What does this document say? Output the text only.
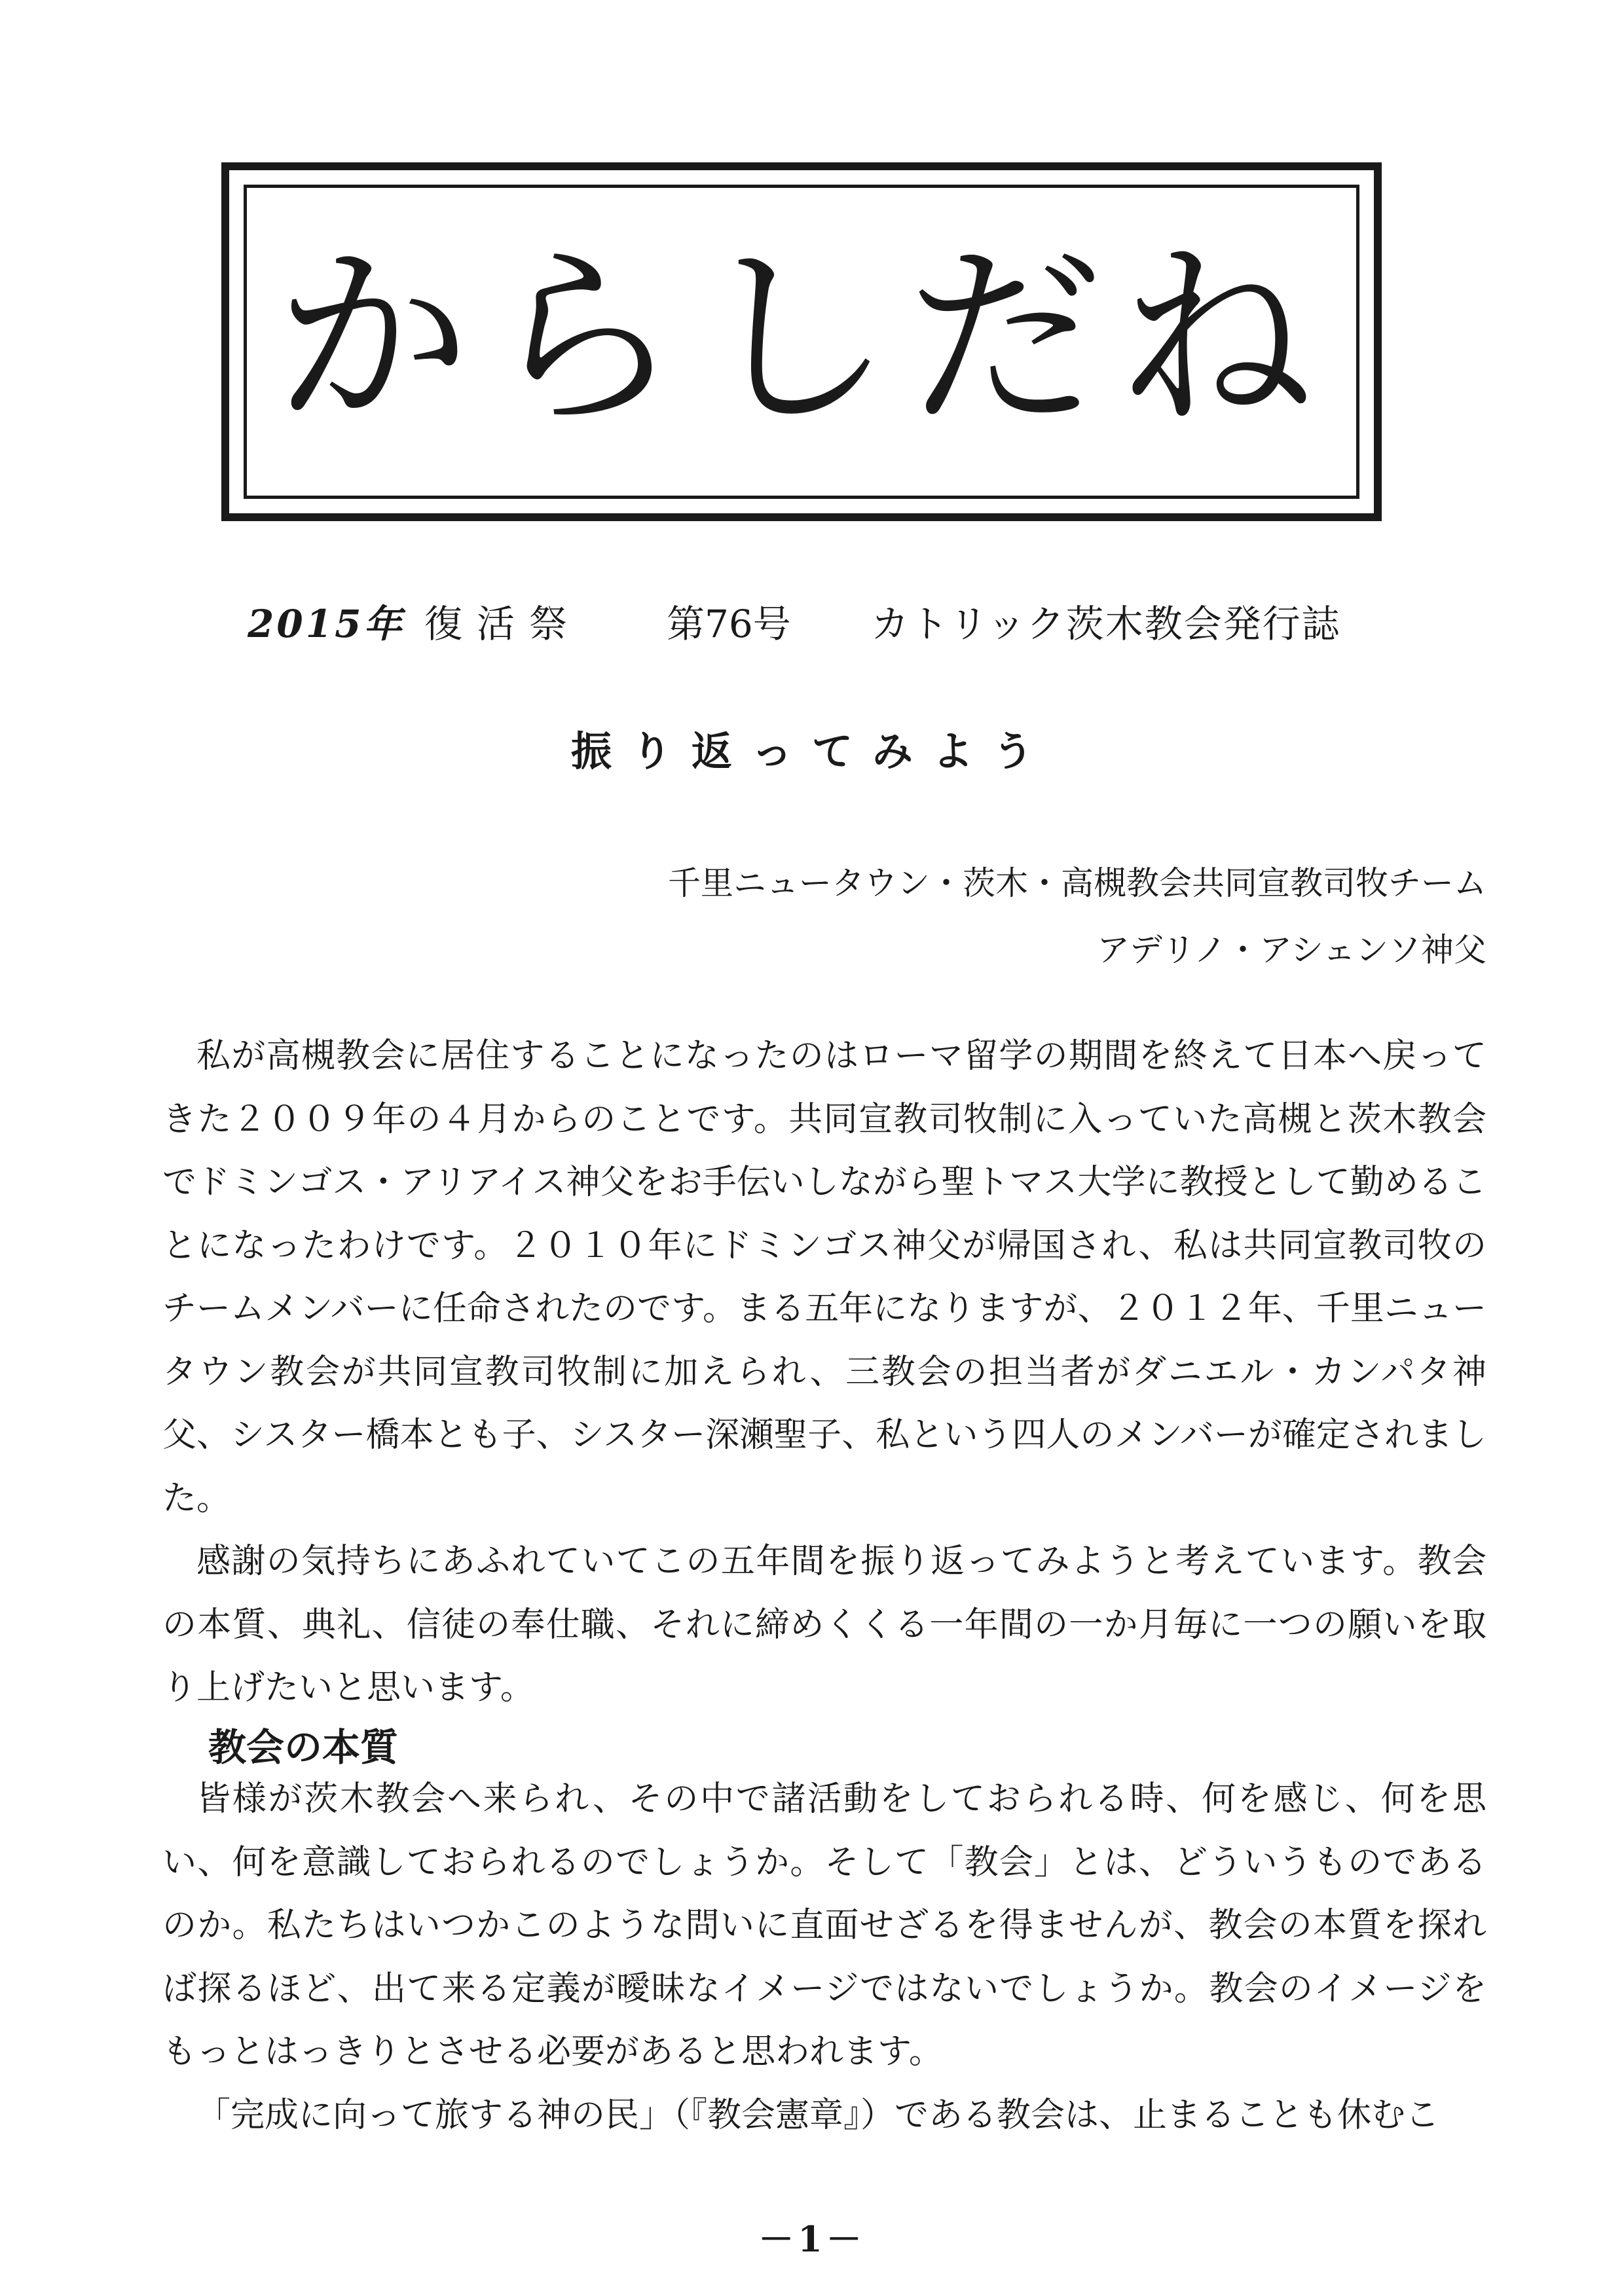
からしだね
2015年 復活祭 第76号 カトリック茨木教会発行誌
振り返ってみよう
千里ニュータウン・茨木・高槻教会共同宣教司牧チーム
アデリノ・アシェンソ神父

私が高槻教会に居住することになったのはローマ留学の期間を終えて日本へ戻ってきた２００９年の４月からのことです。共同宣教司牧制に入っていた高槻と茨木教会でドミンゴス・アリアイス神父をお手伝いしながら聖トマス大学に教授として勤めることになったわけです。２０１０年にドミンゴス神父が帰国され、私は共同宣教司牧のチームメンバーに任命されたのです。まる五年になりますが、２０１２年、千里ニュータウン教会が共同宣教司牧制に加えられ、三教会の担当者がダニエル・カンパタ神父、シスター橋本とも子、シスター深瀬聖子、私という四人のメンバーが確定されました。

感謝の気持ちにあふれていてこの五年間を振り返ってみようと考えています。教会の本質、典礼、信徒の奉仕職、それに締めくくる一年間の一か月毎に一つの願いを取り上げたいと思います。

教会の本質

皆様が茨木教会へ来られ、その中で諸活動をしておられる時、何を感じ、何を思い、何を意識しておられるのでしょうか。そして「教会」とは、どういうものであるのか。私たちはいつかこのような問いに直面せざるを得ませんが、教会の本質を探れば探るほど、出て来る定義が曖昧なイメージではないでしょうか。教会のイメージをもっとはっきりとさせる必要があると思われます。

「完成に向って旅する神の民」（『教会憲章』）である教会は、止まることも休むこ

－1－
